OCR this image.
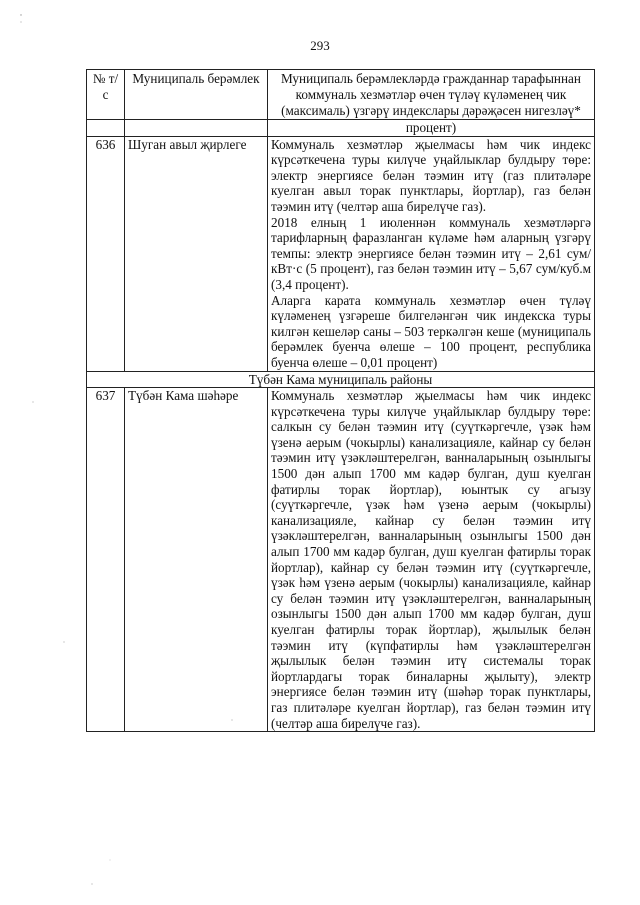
293
№ т/с	Муниципаль берәмлек	Муниципаль берәмлекләрдә гражданнар тарафыннан коммуналь хезмәтләр өчен түләү күләменең чик (максималь) үзгәрү индекслары дәрәҗәсен нигезләү*
		процент)
636	Шуган авыл җирлеге	Коммуналь хезмәтләр җыелмасы һәм чик индекс күрсәткечена туры килүче уңайлыклар булдыру төре: электр энергиясе белән тәэмин итү (газ плитәләре куелган авыл торак пунктлары, йортлар), газ белән тәэмин итү (челтәр аша бирелүче газ).

2018 елның 1 июленнән коммуналь хезмәтләргә тарифларның фаразланган күләме һәм аларның үзгәрү темпы: электр энергиясе белән тәэмин итү – 2,61 сум/кВт·с (5 процент), газ белән тәэмин итү – 5,67 сум/куб.м (3,4 процент).

Аларга карата коммуналь хезмәтләр өчен түләү күләменең үзгәреше билгеләнгән чик индекска туры килгән кешеләр саны – 503 теркәлгән кеше (муниципаль берәмлек буенча өлеше – 100 процент, республика буенча өлеше – 0,01 процент)

Түбән Кама муниципаль районы		
637	Түбән Кама шәһәре	Коммуналь хезмәтләр җыелмасы һәм чик индекс күрсәткечена туры килүче уңайлыклар булдыру төре: салкын су белән тәэмин итү (суүткәргечле, үзәк һәм үзенә аерым (чокырлы) канализацияле, кайнар су белән тәэмин итү үзәкләштерелгән, ванналарының озынлыгы 1500 дән алып 1700 мм кадәр булган, душ куелган фатирлы торак йортлар), юынтык су агызу (суүткәргечле, үзәк һәм үзенә аерым (чокырлы) канализацияле, кайнар су белән тәэмин итү үзәкләштерелгән, ванналарының озынлыгы 1500 дән алып 1700 мм кадәр булган, душ куелган фатирлы торак йортлар), кайнар су белән тәэмин итү (суүткәргечле, үзәк һәм үзенә аерым (чокырлы) канализацияле, кайнар су белән тәэмин итү үзәкләштерелгән, ванналарының озынлыгы 1500 дән алып 1700 мм кадәр булган, душ куелган фатирлы торак йортлар), җылылык белән тәэмин итү (күпфатирлы һәм үзәкләштерелгән җылылык белән тәэмин итү системалы торак йортлардагы торак биналарны җылыту), электр энергиясе белән тәэмин итү (шәһәр торак пунктлары, газ плитәләре куелган йортлар), газ белән тәэмин итү (челтәр аша бирелүче газ).
